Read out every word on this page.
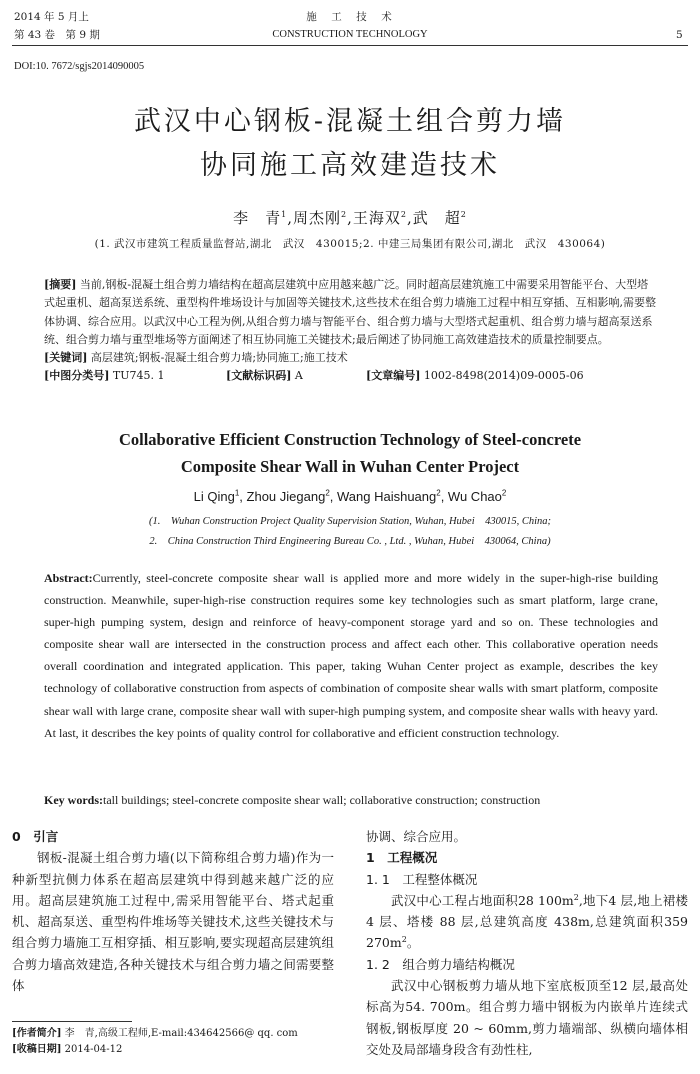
2014 年 5 月上
第 43 卷　第 9 期
施　工　技　术
CONSTRUCTION TECHNOLOGY	5
DOI:10. 7672/sgjs2014090005
武汉中心钢板-混凝土组合剪力墙
协同施工高效建造技术
李　青$^1$,周杰刚$^2$,王海双$^2$,武　超$^2$
(1. 武汉市建筑工程质量监督站,湖北　武汉　430015;2. 中建三局集团有限公司,湖北　武汉　430064)

[摘要] 当前,钢板-混凝土组合剪力墙结构在超高层建筑中应用越来越广泛。同时超高层建筑施工中需要采用智能平台、大型塔式起重机、超高泵送系统、重型构件堆场设计与加固等关键技术,这些技术在组合剪力墙施工过程中相互穿插、互相影响,需要整体协调、综合应用。以武汉中心工程为例,从组合剪力墙与智能平台、组合剪力墙与大型塔式起重机、组合剪力墙与超高泵送系统、组合剪力墙与重型堆场等方面阐述了相互协同施工关键技术;最后阐述了协同施工高效建造技术的质量控制要点。

[关键词] 高层建筑;钢板-混凝土组合剪力墙;协同施工;施工技术

[中图分类号] TU745. 1	[文献标识码] A	[文章编号] 1002-8498(2014)09-0005-06

Collaborative Efficient Construction Technology of Steel-concrete
Composite Shear Wall in Wuhan Center Project
Li Qing$^1$, Zhou Jiegang$^2$, Wang Haishuang$^2$, Wu Chao$^2$
(1.　Wuhan Construction Project Quality Supervision Station, Wuhan, Hubei　430015, China;
2.　China Construction Third Engineering Bureau Co. , Ltd. , Wuhan, Hubei　430064, China)
Abstract:Currently, steel-concrete composite shear wall is applied more and more widely in the super-high-rise building construction. Meanwhile, super-high-rise construction requires some key technologies such as smart platform, large crane, super-high pumping system, design and reinforce of heavy-component storage yard and so on. These technologies and composite shear wall are intersected in the construction process and affect each other. This collaborative operation needs overall coordination and integrated application. This paper, taking Wuhan Center project as example, describes the key technology of collaborative construction from aspects of combination of composite shear walls with smart platform, composite shear wall with large crane, composite shear wall with super-high pumping system, and composite shear walls with heavy yard. At last, it describes the key points of quality control for collaborative and efficient construction technology.
Key words:tall buildings; steel-concrete composite shear wall; collaborative construction; construction

0　引言

钢板-混凝土组合剪力墙(以下简称组合剪力墙)作为一种新型抗侧力体系在超高层建筑中得到越来越广泛的应用。超高层建筑施工过程中,需采用智能平台、塔式起重机、超高泵送、重型构件堆场等关键技术,这些关键技术与组合剪力墙施工互相穿插、相互影响,要实现超高层建筑组合剪力墙高效建造,各种关键技术与组合剪力墙之间需要整体

协调、综合应用。

1　工程概况

1. 1　工程整体概况

武汉中心工程占地面积28 $100m^2$,地下4 层,地上裙楼 4 层、塔楼 88 层,总建筑高度 438m,总建筑面积359 $270m^2$。

1. 2　组合剪力墙结构概况

武汉中心钢板剪力墙从地下室底板顶至12 层,最高处标高为54. 700m。组合剪力墙中钢板为内嵌单片连续式钢板,钢板厚度 20 ~ 60mm,剪力墙端部、纵横向墙体相交处及局部墙身段含有劲性柱,

[作者简介] 李　青,高级工程师,E-mail:434642566@ qq. com
[收稿日期] 2014-04-12
